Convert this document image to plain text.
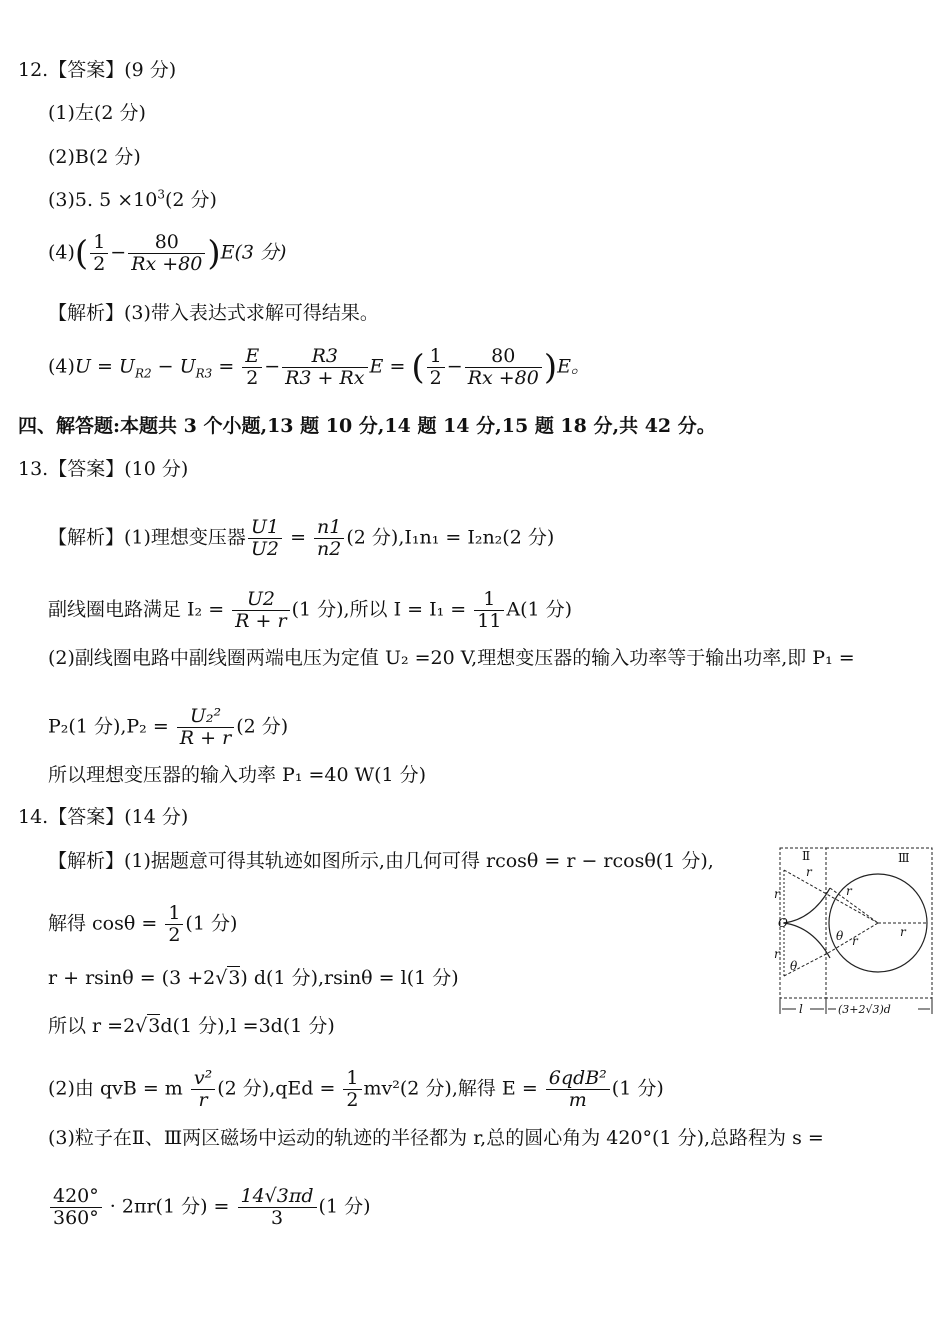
12.【答案】(9 分)
(1)左(2 分)
(2)B(2 分)
(3)5. $5 \times 10^3(2$ 分)
$(4)( \frac{1}{2} - \frac{80}{Rx +80} )E(3$ 分)
【解析】(3)带入表达式求解可得结果。
$(4)U = U_{R2} - U_{R3} = \frac{E}{2} - \frac{R3}{R3 + Rx}$ E = ( $\frac{1}{2} - \frac{80}{Rx +80} )E$。
四、解答题:本题共 3 个小题,13 题 10 分,14 题 14 分,15 题 18 分,共 42 分。
13.【答案】(10 分)
【解析】(1)理想变压器 $\frac{U1}{U2} = \frac{n1}{n2} (2$ 分),I₁n₁ = I₂n₂(2 分)
副线圈电路满足 $I_2 = \frac{U2}{R + r} (1$ 分),所以 $I = I_1 = \frac{1}{11} A(1$ 分)
(2)副线圈电路中副线圈两端电压为定值 U₂ =20 V,理想变压器的输入功率等于输出功率,即 P₁ =
P₂(1 分)$,P_2 = \frac{\text{U₂²}}{R + r} (2$ 分)
所以理想变压器的输入功率 P₁ =40 W(1 分)
14.【答案】(14 分)
【解析】(1)据题意可得其轨迹如图所示,由几何可得 rcosθ = r − rcosθ(1 分),
解得 $\cos\theta = \frac{1}{2} (1$ 分)
r + rsinθ = (3 +2√3) d(1 分),rsinθ = l(1 分)
所以 r =2√3d(1 分),l =3d(1 分)
(2)由 qvB = m $\frac{\text{v²}}{r} (2$ 分)$,qEd = \frac{1}{2} mv^2(2$ 分),解得 E = 6qdB²
m
(1 分)
(3)粒子在Ⅱ、Ⅲ两区磁场中运动的轨迹的半径都为 r,总的圆心角为 420°(1 分),总路程为 s =
$\frac{420^\circ}{360^\circ} \cdot 2\pi r(1$ 分) = $\frac{14√3\pi d}{3} (1$ 分)
Ⅱ	Ⅲ
O
r
r
r
r
r
r
θ
θ
l	(3+2√3)d
